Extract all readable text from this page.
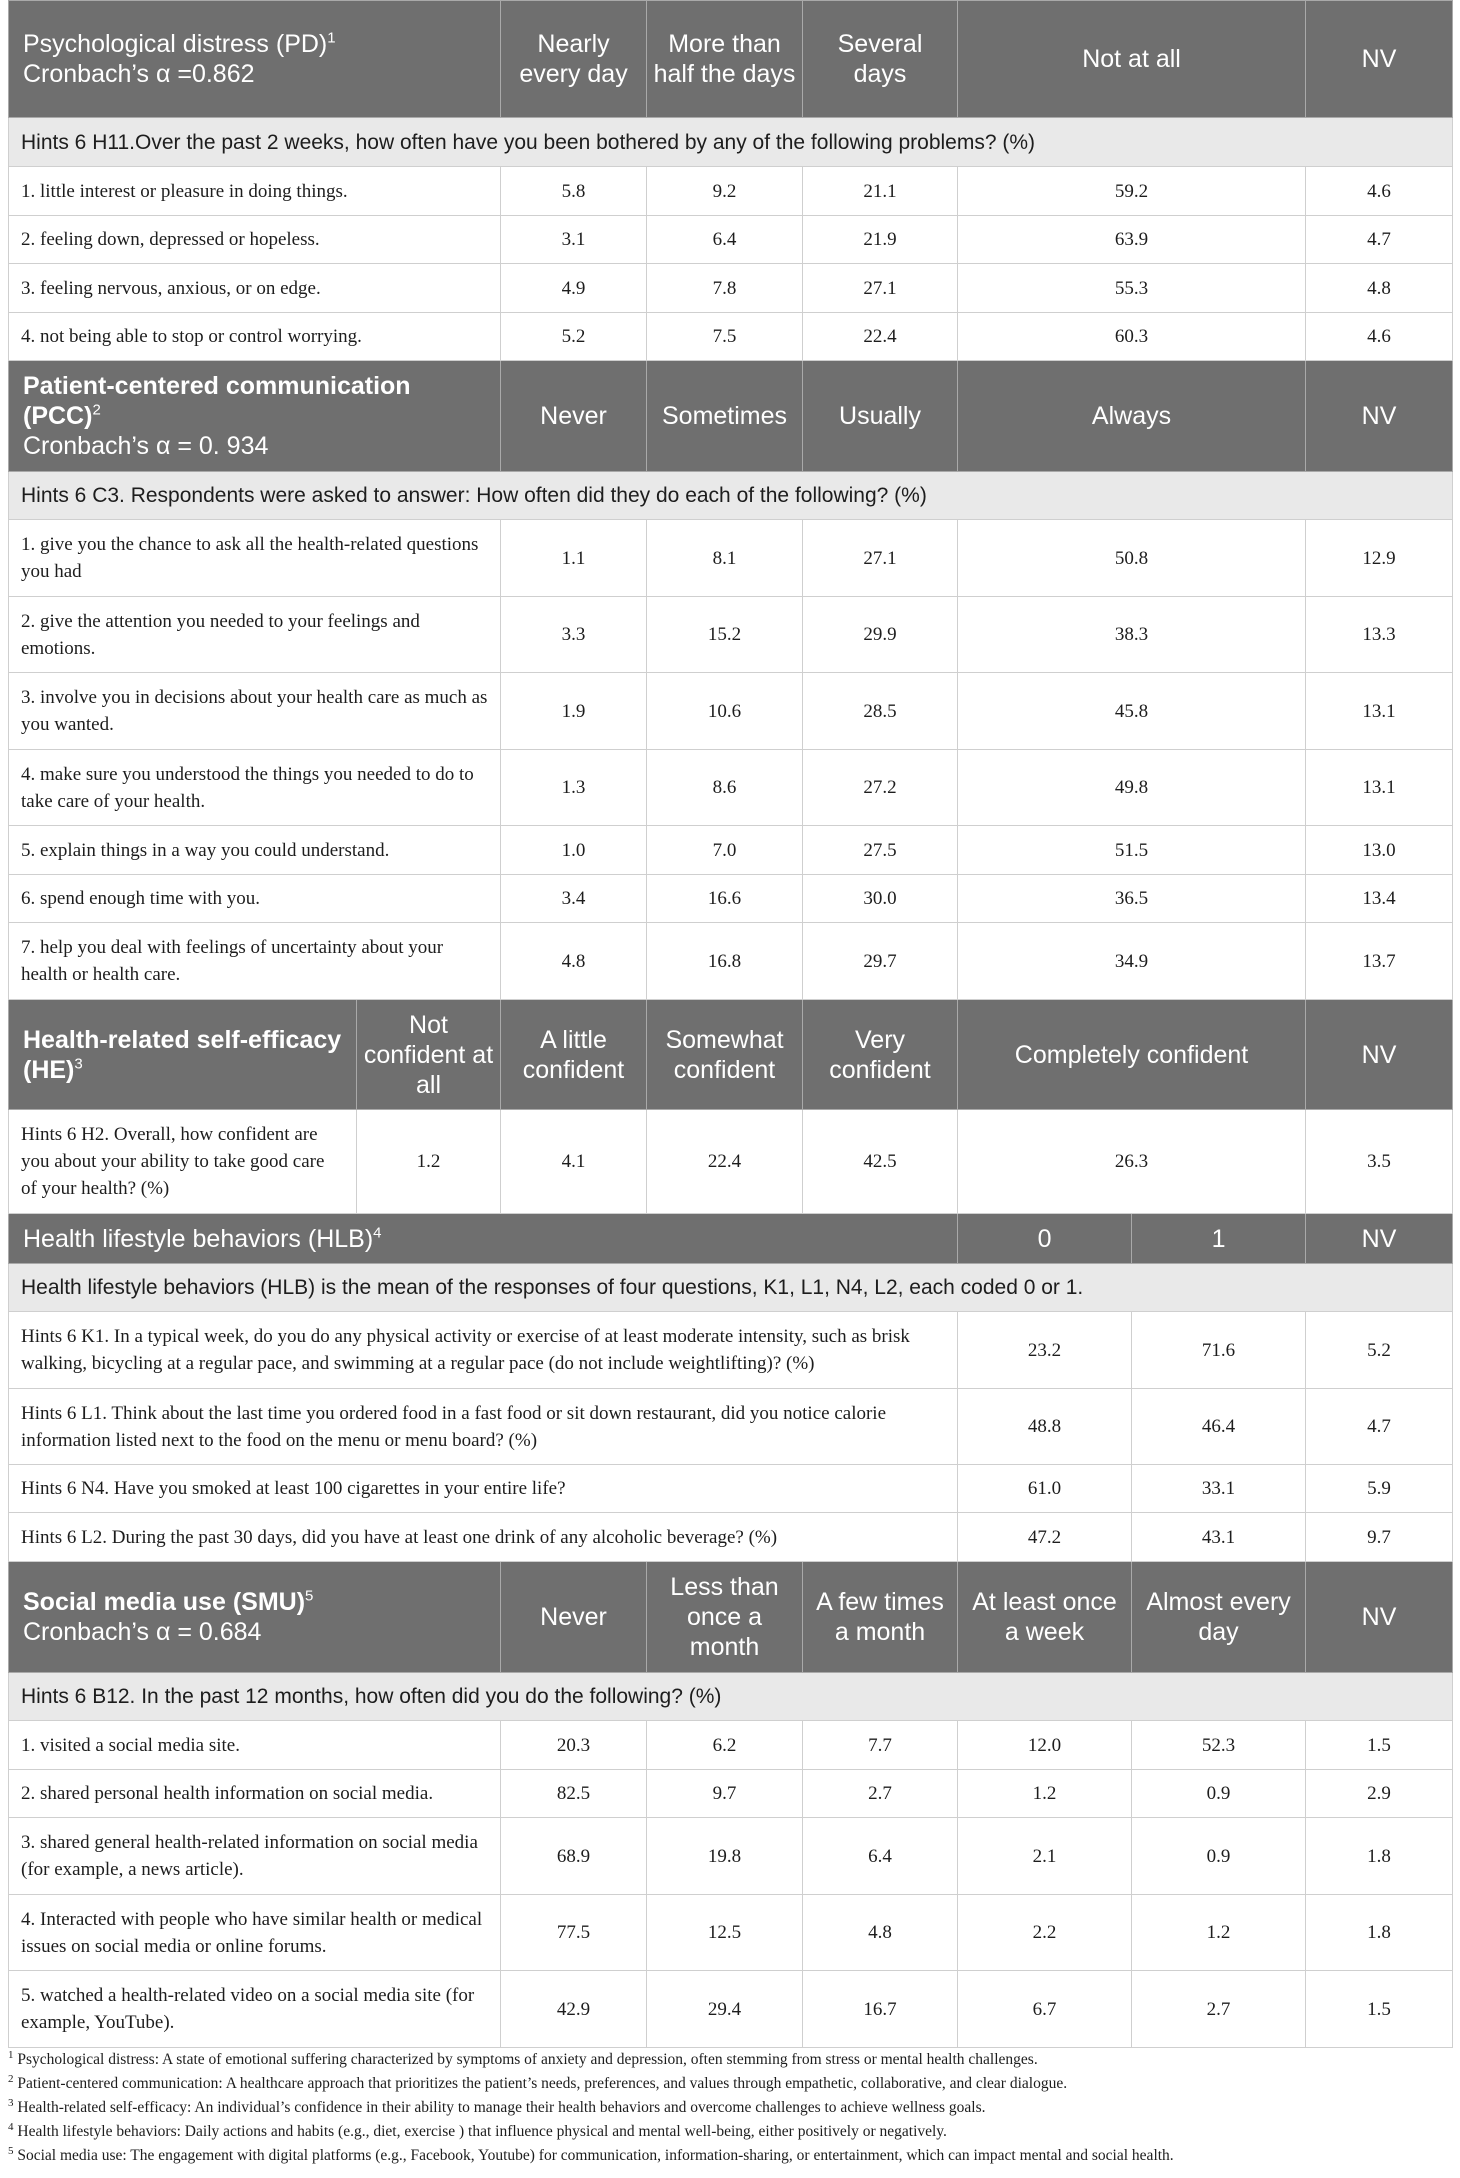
Psychological distress (PD)$^1$
Cronbach’s α =0.862		Nearly every day	More than half the days	Several days	Not at all		NV
Hints 6 H11.Over the past 2 weeks, how often have you been bothered by any of the following problems? (%)							
1. little interest or pleasure in doing things.		5.8	9.2	21.1	59.2		4.6
2. feeling down, depressed or hopeless.		3.1	6.4	21.9	63.9		4.7
3. feeling nervous, anxious, or on edge.		4.9	7.8	27.1	55.3		4.8
4. not being able to stop or control worrying.		5.2	7.5	22.4	60.3		4.6
Patient-centered communication
(PCC)$^2$
Cronbach’s α = 0. 934		Never	Sometimes	Usually	Always		NV
Hints 6 C3. Respondents were asked to answer: How often did they do each of the following? (%)							
1. give you the chance to ask all the health-related questions you had		1.1	8.1	27.1	50.8		12.9
2. give the attention you needed to your feelings and emotions.		3.3	15.2	29.9	38.3		13.3
3. involve you in decisions about your health care as much as you wanted.		1.9	10.6	28.5	45.8		13.1
4. make sure you understood the things you needed to do to take care of your health.		1.3	8.6	27.2	49.8		13.1
5. explain things in a way you could understand.		1.0	7.0	27.5	51.5		13.0
6. spend enough time with you.		3.4	16.6	30.0	36.5		13.4
7. help you deal with feelings of uncertainty about your health or health care.		4.8	16.8	29.7	34.9		13.7
Health-related self-efficacy (HE)$^3$	Not confident at all	A little confident	Somewhat confident	Very confident	Completely confident		NV
Hints 6 H2. Overall, how confident are you about your ability to take good care of your health? (%)	1.2	4.1	22.4	42.5	26.3		3.5
Health lifestyle behaviors (HLB)$^4$					0	1	NV
Health lifestyle behaviors (HLB) is the mean of the responses of four questions, K1, L1, N4, L2, each coded 0 or 1.							
Hints 6 K1. In a typical week, do you do any physical activity or exercise of at least moderate intensity, such as brisk walking, bicycling at a regular pace, and swimming at a regular pace (do not include weightlifting)? (%)					23.2	71.6	5.2
Hints 6 L1. Think about the last time you ordered food in a fast food or sit down restaurant, did you notice calorie information listed next to the food on the menu or menu board? (%)					48.8	46.4	4.7
Hints 6 N4. Have you smoked at least 100 cigarettes in your entire life?					61.0	33.1	5.9
Hints 6 L2. During the past 30 days, did you have at least one drink of any alcoholic beverage? (%)					47.2	43.1	9.7
Social media use (SMU)$^5$
Cronbach’s α = 0.684		Never	Less than once a month	A few times a month	At least once a week	Almost every day	NV
Hints 6 B12. In the past 12 months, how often did you do the following? (%)							
1. visited a social media site.		20.3	6.2	7.7	12.0	52.3	1.5
2. shared personal health information on social media.		82.5	9.7	2.7	1.2	0.9	2.9
3. shared general health-related information on social media (for example, a news article).		68.9	19.8	6.4	2.1	0.9	1.8
4. Interacted with people who have similar health or medical issues on social media or online forums.		77.5	12.5	4.8	2.2	1.2	1.8
5. watched a health-related video on a social media site (for example, YouTube).		42.9	29.4	16.7	6.7	2.7	1.5
$^1$ Psychological distress: A state of emotional suffering characterized by symptoms of anxiety and depression, often stemming from stress or mental health challenges.
$^2$ Patient-centered communication: A healthcare approach that prioritizes the patient’s needs, preferences, and values through empathetic, collaborative, and clear dialogue.
$^3$ Health-related self-efficacy: An individual’s confidence in their ability to manage their health behaviors and overcome challenges to achieve wellness goals.
$^4$ Health lifestyle behaviors: Daily actions and habits (e.g., diet, exercise ) that influence physical and mental well-being, either positively or negatively.
$^5$ Social media use: The engagement with digital platforms (e.g., Facebook, Youtube) for communication, information-sharing, or entertainment, which can impact mental and social health.
